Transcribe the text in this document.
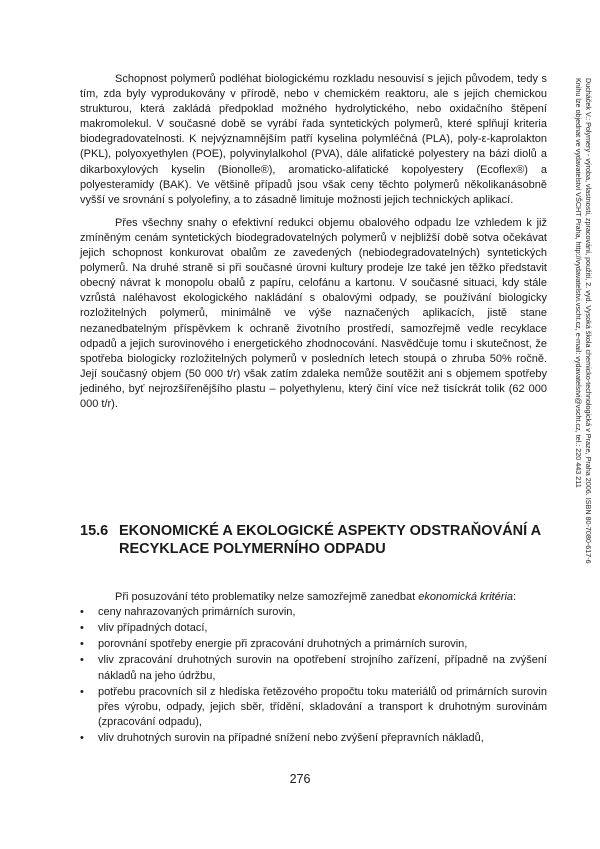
Schopnost polymerů podléhat biologickému rozkladu nesouvisí s jejich původem, tedy s tím, zda byly vyprodukovány v přírodě, nebo v chemickém reaktoru, ale s jejich chemickou strukturou, která zakládá předpoklad možného hydrolytického, nebo oxidačního štěpení makromolekul. V současné době se vyrábí řada syntetických polymerů, které splňují kriteria biodegradovatelnosti. K nejvýznamnějším patří kyselina polymléčná (PLA), poly-ε-kaprolakton (PKL), polyoxyethylen (POE), polyvinylalkohol (PVA), dále alifatické polyestery na bázi diolů a dikarboxylových kyselin (Bionolle®), aromaticko-alifatické kopolyestery (Ecoflex®) a polyesteramidy (BAK). Ve většině případů jsou však ceny těchto polymerů několikanásobně vyšší ve srovnání s polyolefiny, a to zásadně limituje možnosti jejich technických aplikací.

Přes všechny snahy o efektivní redukci objemu obalového odpadu lze vzhledem k již zmíněným cenám syntetických biodegradovatelných polymerů v nejbližší době sotva očekávat jejich schopnost konkurovat obalům ze zavedených (nebiodegradovatelných) syntetických polymerů. Na druhé straně si při současné úrovni kultury prodeje lze také jen těžko představit obecný návrat k monopolu obalů z papíru, celofánu a kartonu. V současné situaci, kdy stále vzrůstá naléhavost ekologického nakládání s obalovými odpady, se používání biologicky rozložitelných polymerů, minimálně ve výše naznačených aplikacích, jistě stane nezanedbatelným příspěvkem k ochraně životního prostředí, samozřejmě vedle recyklace odpadů a jejich surovinového i energetického zhodnocování. Nasvědčuje tomu i skutečnost, že spotřeba biologicky rozložitelných polymerů v posledních letech stoupá o zhruba 50% ročně. Její současný objem (50 000 t/r) však zatím zdaleka nemůže soutěžit ani s objemem spotřeby jediného, byť nejrozšířenějšího plastu – polyethylenu, který činí více než tisíckrát tolik (62 000 000 t/r).

15.6 EKONOMICKÉ A EKOLOGICKÉ ASPEKTY ODSTRAŇOVÁNÍ A RECYKLACE POLYMERNÍHO ODPADU

Při posuzování této problematiky nelze samozřejmě zanedbat ekonomická kritéria:

• ceny nahrazovaných primárních surovin,
• vliv případných dotací,
• porovnání spotřeby energie při zpracování druhotných a primárních surovin,
• vliv zpracování druhotných surovin na opotřebení strojního zařízení, případně na zvýšení nákladů na jeho údržbu,
• potřebu pracovních sil z hlediska řetězového propočtu toku materiálů od primárních surovin přes výrobu, odpady, jejich sběr, třídění, skladování a transport k druhotným surovinám (zpracování odpadu),
• vliv druhotných surovin na případné snížení nebo zvýšení přepravních nákladů,
276
Ducháček V.: Polymery - výroba, vlastnosti, zpracování, použití, 2. vyd. Vysoká škola chemicko-technologická v Praze, Praha 2006. ISBN 80-7080-617-6
Knihu lze objednat ve vydavatelství VŠCHT Praha, http://vydavatelstvi.vscht.cz, e-mail: vydavatelstvi@vscht.cz, tel.: 220 443 211
